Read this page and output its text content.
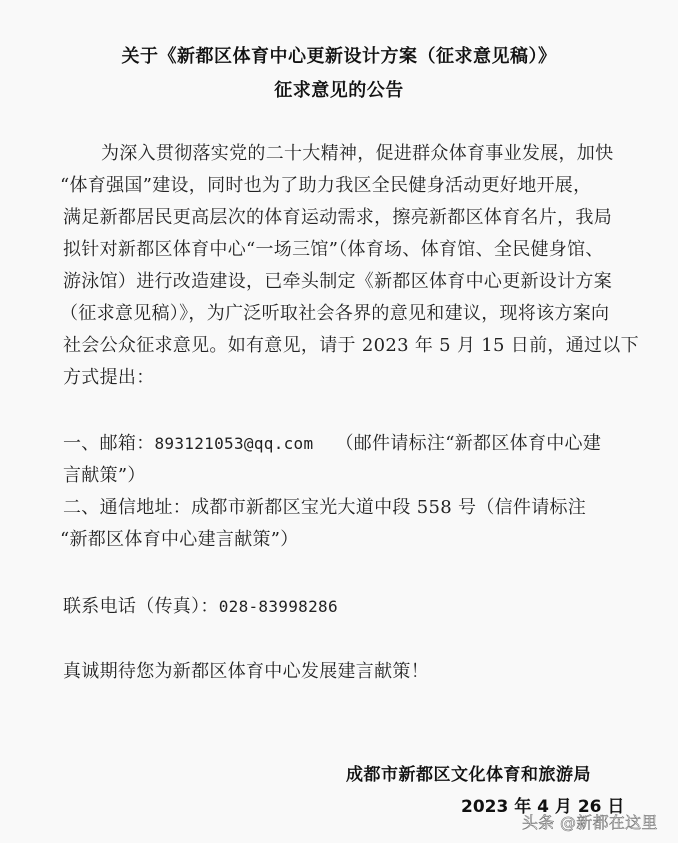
关于《新都区体育中心更新设计方案（征求意见稿）》
征求意见的公告
为深入贯彻落实党的二十大精神，促进群众体育事业发展，加快
“体育强国”建设，同时也为了助力我区全民健身活动更好地开展，
满足新都居民更高层次的体育运动需求，擦亮新都区体育名片，我局
拟针对新都区体育中心“一场三馆”（体育场、体育馆、全民健身馆、
游泳馆）进行改造建设，已牵头制定《新都区体育中心更新设计方案
（征求意见稿）》，为广泛听取社会各界的意见和建议，现将该方案向
社会公众征求意见。如有意见，请于 2023 年 5 月 15 日前，通过以下
方式提出：
一、邮箱：893121053@qq.com （邮件请标注“新都区体育中心建
言献策”）
二、通信地址：成都市新都区宝光大道中段 558 号（信件请标注
“新都区体育中心建言献策”）
联系电话（传真）：028-83998286
真诚期待您为新都区体育中心发展建言献策！
成都市新都区文化体育和旅游局
2023 年 4 月 26 日
头条 @新都在这里
